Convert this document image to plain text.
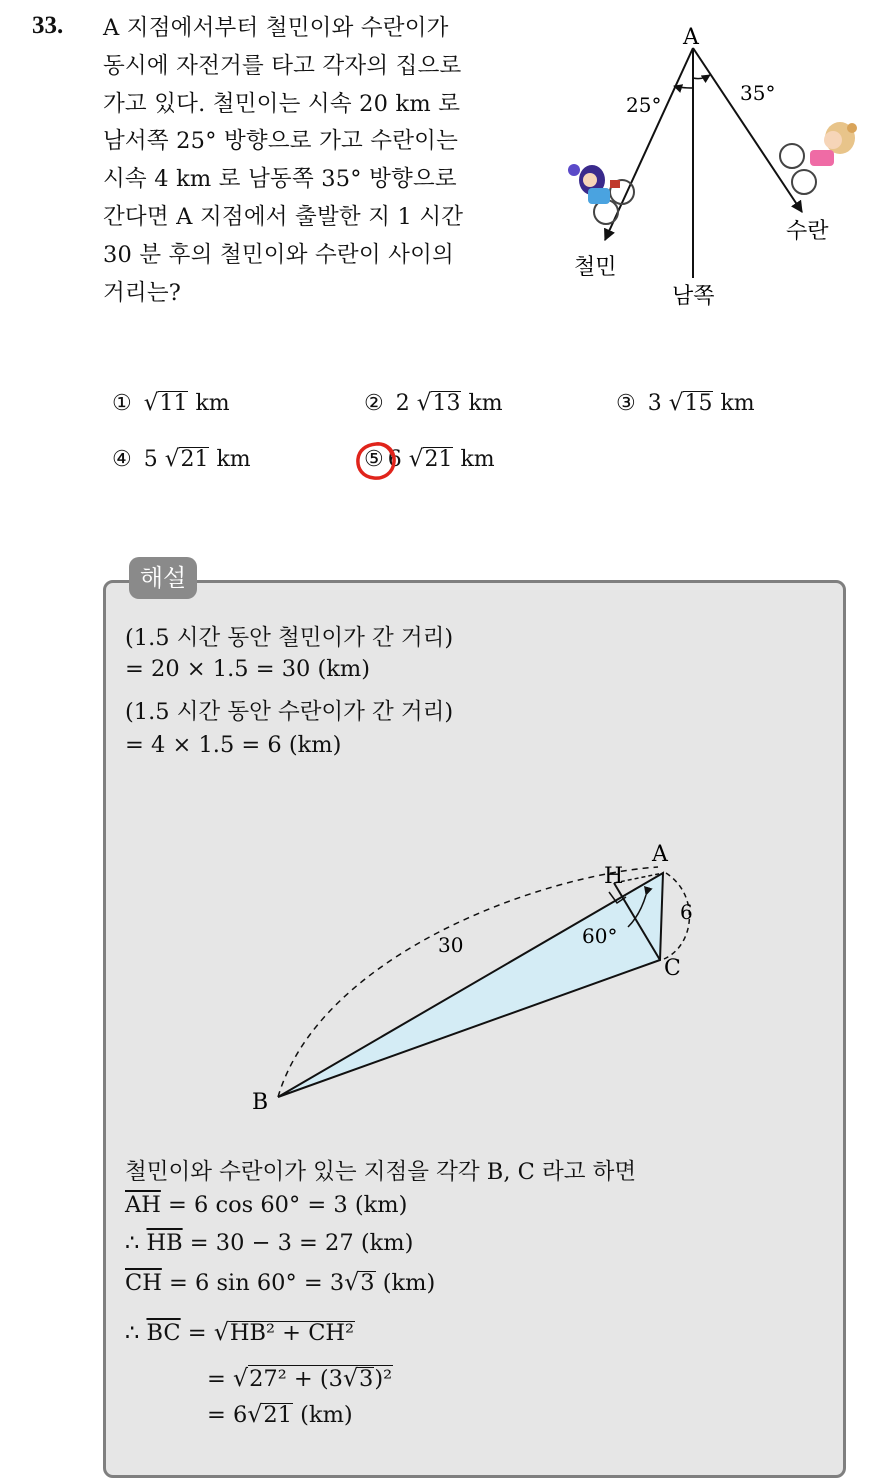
33. A 지점에서부터 철민이와 수란이가
동시에 자전거를 타고 각자의 집으로
가고 있다. 철민이는 시속 20 km 로
남서쪽 25° 방향으로 가고 수란이는
시속 4 km 로 남동쪽 35° 방향으로
간다면 A 지점에서 출발한 지 1 시간
30 분 후의 철민이와 수란이 사이의
거리는?
A
25°	35°
철민
수란
남쪽
① √11 km	② 2 √13 km	③ 3 √15 km
④ 5 √21 km	⑤ 6 √21 km
해설
(1.5 시간 동안 철민이가 간 거리)
= 20 × 1.5 = 30 (km)
(1.5 시간 동안 수란이가 간 거리)
= 4 × 1.5 = 6 (km)
A
H
C
B
30
6
60°
철민이와 수란이가 있는 지점을 각각 B, C 라고 하면
$\overline{AH} = 6$ cos 60° = 3 (km)
∴ $\overline{HB} = 30 - 3 = 27$ (km)
$\overline{CH} = 6$ sin 60° = 3√3 (km)
∴ $\overline{BC} = √HB^2 + CH^2$
= √27² + (3√3)²
= 6√21 (km)
